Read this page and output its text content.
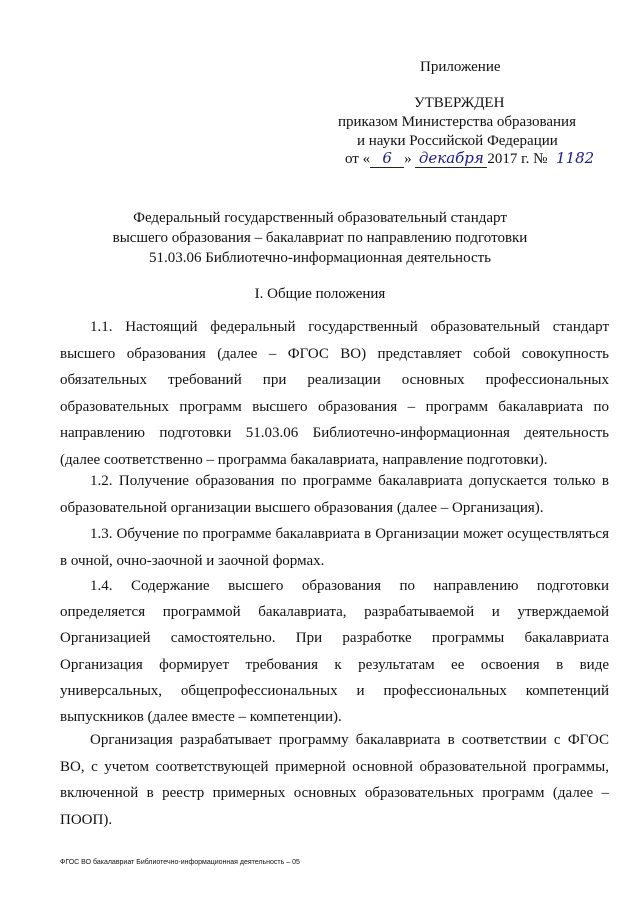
Приложение
УТВЕРЖДЕН
приказом Министерства образования
и науки Российской Федерации
от « 6 » декабря 2017 г. № 1182
Федеральный государственный образовательный стандарт
высшего образования – бакалавриат по направлению подготовки
51.03.06 Библиотечно-информационная деятельность
I. Общие положения

1.1. Настоящий федеральный государственный образовательный стандарт высшего образования (далее – ФГОС ВО) представляет собой совокупность обязательных требований при реализации основных профессиональных образовательных программ высшего образования – программ бакалавриата по направлению подготовки 51.03.06 Библиотечно-информационная деятельность (далее соответственно – программа бакалавриата, направление подготовки).

1.2. Получение образования по программе бакалавриата допускается только в образовательной организации высшего образования (далее – Организация).

1.3. Обучение по программе бакалавриата в Организации может осуществляться в очной, очно-заочной и заочной формах.

1.4. Содержание высшего образования по направлению подготовки определяется программой бакалавриата, разрабатываемой и утверждаемой Организацией самостоятельно. При разработке программы бакалавриата Организация формирует требования к результатам ее освоения в виде универсальных, общепрофессиональных и профессиональных компетенций выпускников (далее вместе – компетенции).

Организация разрабатывает программу бакалавриата в соответствии с ФГОС ВО, с учетом соответствующей примерной основной образовательной программы, включенной в реестр примерных основных образовательных программ (далее – ПООП).

ФГОС ВО бакалавриат Библиотечно-информационная деятельность – 05
